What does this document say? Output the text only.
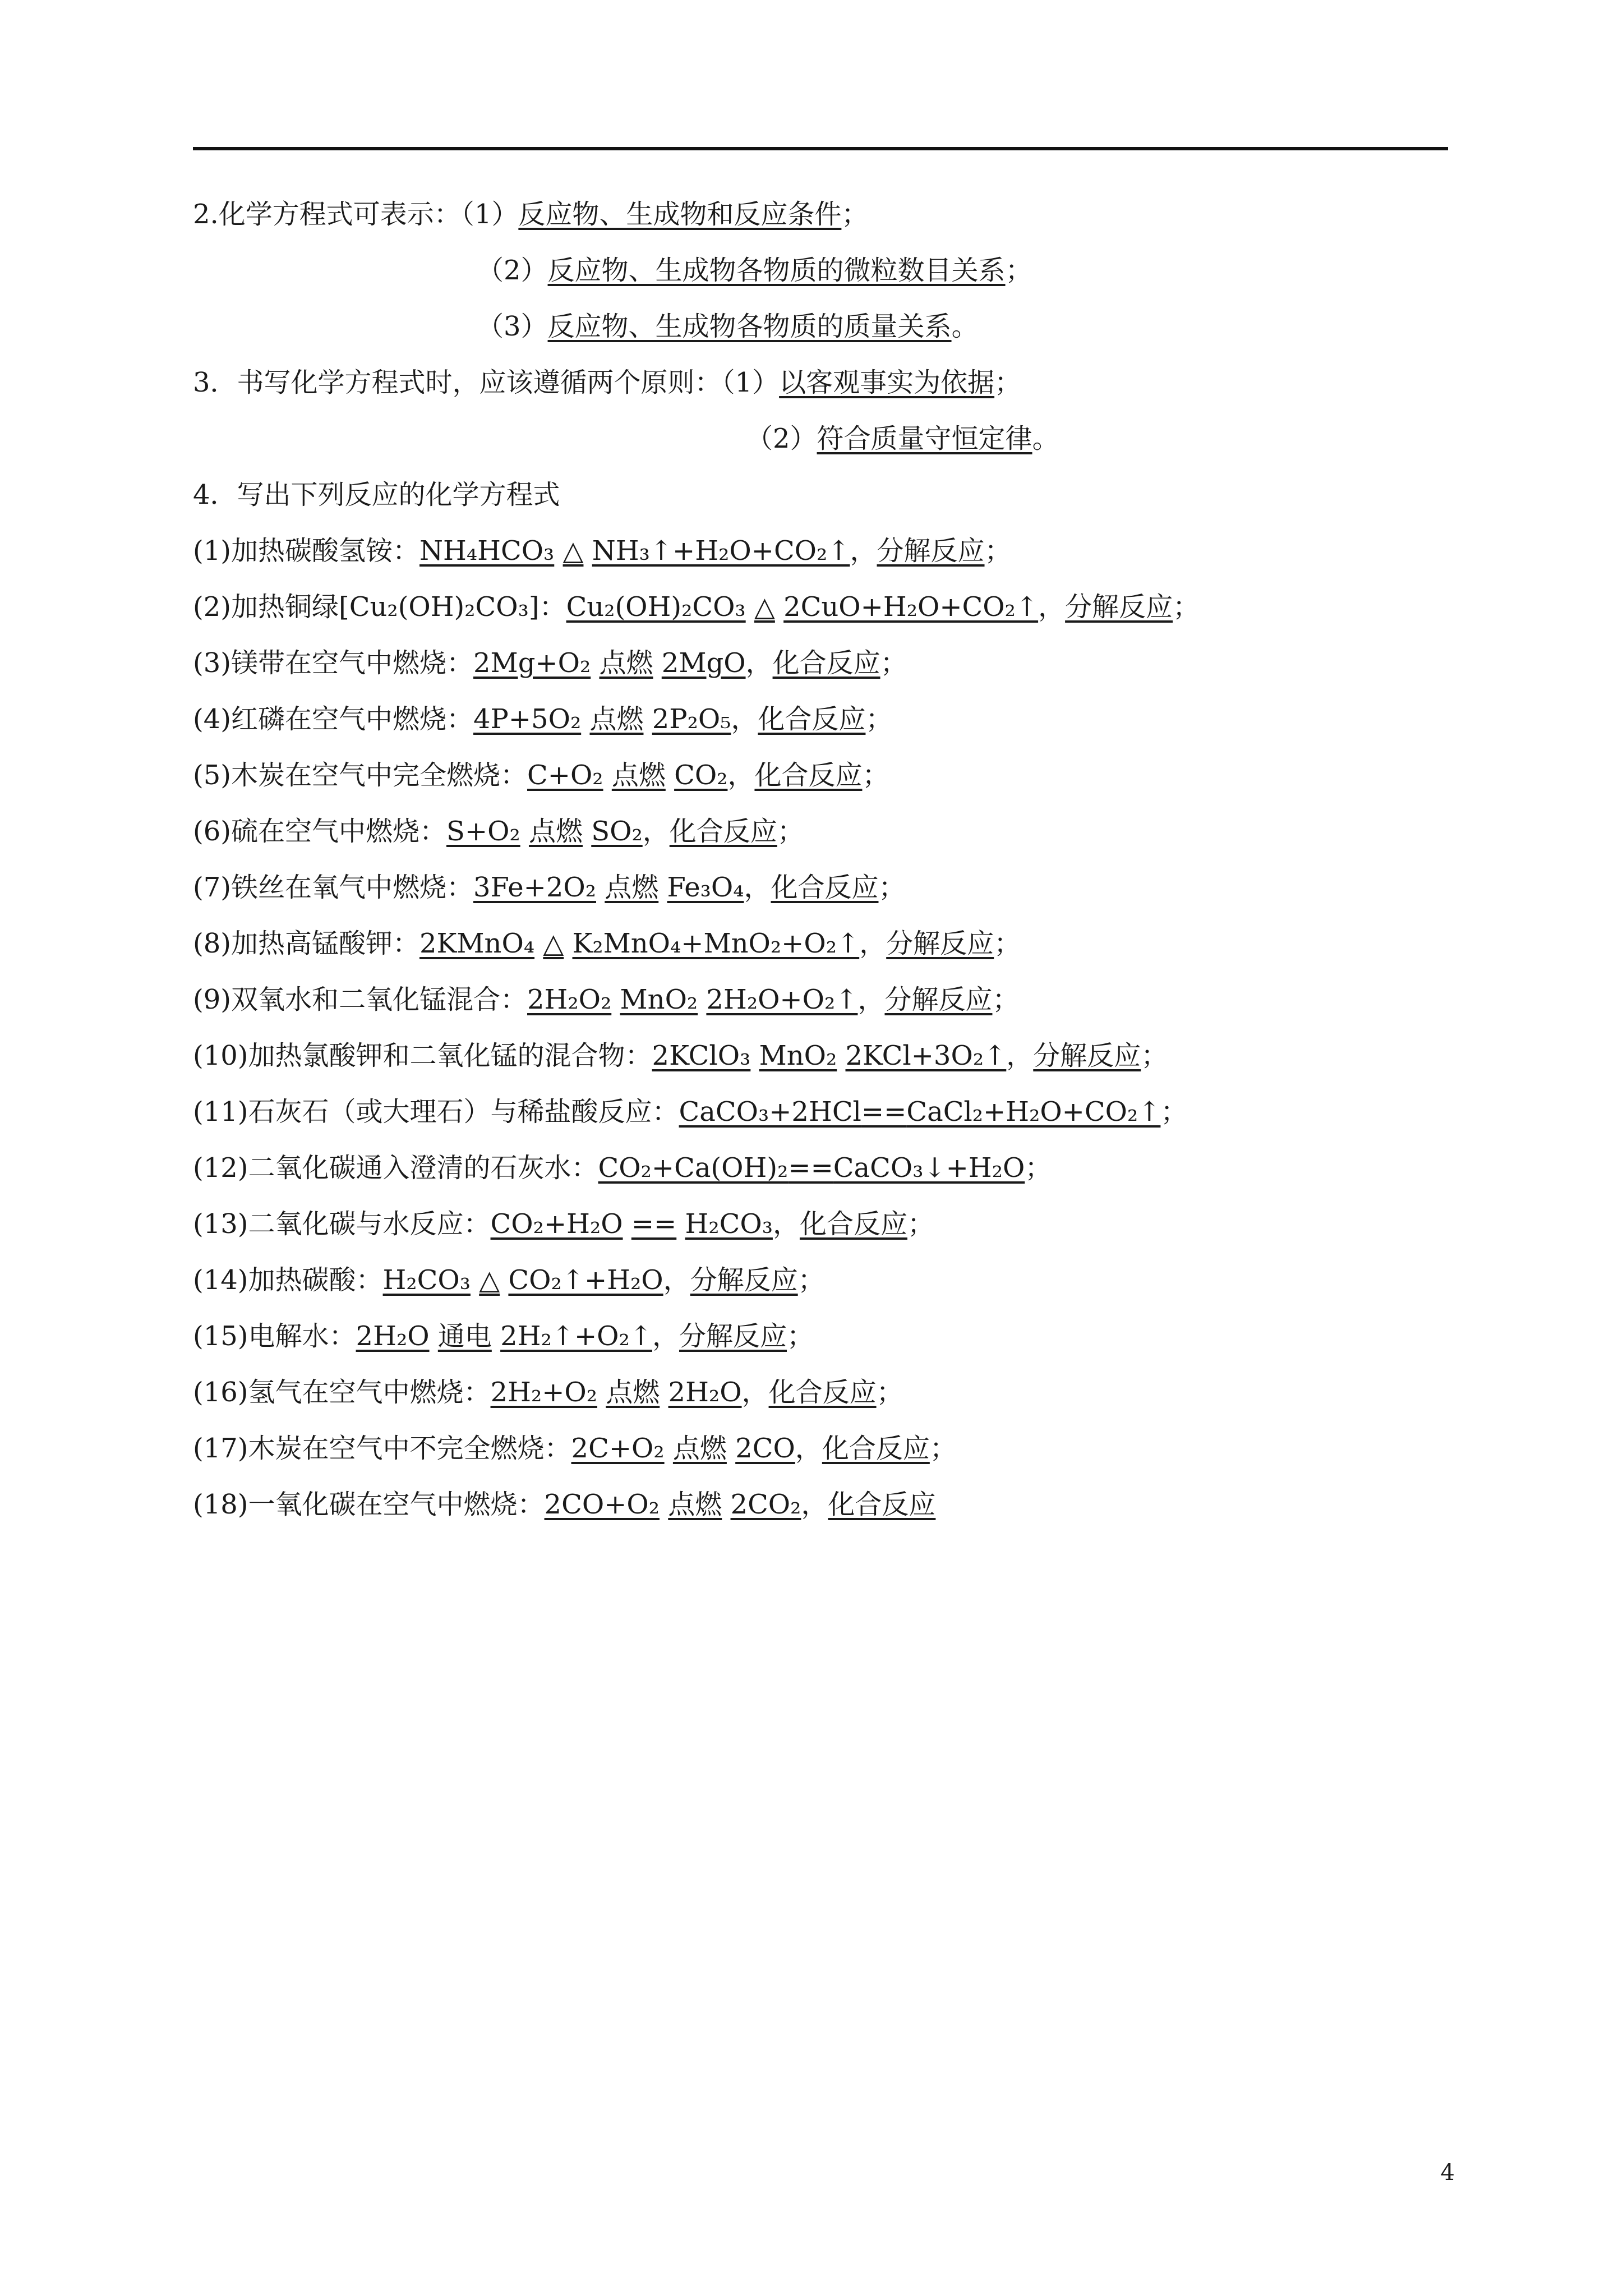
2.化学方程式可表示：（1）反应物、生成物和反应条件；
（2）反应物、生成物各物质的微粒数目关系；
（3）反应物、生成物各物质的质量关系。
3．书写化学方程式时，应该遵循两个原则：（1）以客观事实为依据；
（2）符合质量守恒定律。
4．写出下列反应的化学方程式
(1)加热碳酸氢铵：NH₄HCO₃ △ NH₃↑+H₂O+CO₂↑，分解反应；
(2)加热铜绿[Cu₂(OH)₂CO₃]：Cu₂(OH)₂CO₃ △ 2CuO+H₂O+CO₂↑，分解反应；
(3)镁带在空气中燃烧：2Mg+O₂ 点燃 2MgO，化合反应；
(4)红磷在空气中燃烧：4P+5O₂ 点燃 2P₂O₅，化合反应；
(5)木炭在空气中完全燃烧：C+O₂ 点燃 CO₂，化合反应；
(6)硫在空气中燃烧：S+O₂ 点燃 SO₂，化合反应；
(7)铁丝在氧气中燃烧：3Fe+2O₂ 点燃 Fe₃O₄，化合反应；
(8)加热高锰酸钾：2KMnO₄ △ K₂MnO₄+MnO₂+O₂↑，分解反应；
(9)双氧水和二氧化锰混合：2H₂O₂ MnO₂ 2H₂O+O₂↑，分解反应；
(10)加热氯酸钾和二氧化锰的混合物：2KClO₃ MnO₂ 2KCl+3O₂↑，分解反应；
(11)石灰石（或大理石）与稀盐酸反应：CaCO₃+2HCl==CaCl₂+H₂O+CO₂↑；
(12)二氧化碳通入澄清的石灰水：CO₂+Ca(OH)₂==CaCO₃↓+H₂O；
(13)二氧化碳与水反应：CO₂+H₂O == H₂CO₃，化合反应；
(14)加热碳酸：H₂CO₃ △ CO₂↑+H₂O，分解反应；
(15)电解水：2H₂O 通电 2H₂↑+O₂↑，分解反应；
(16)氢气在空气中燃烧：2H₂+O₂ 点燃 2H₂O，化合反应；
(17)木炭在空气中不完全燃烧：2C+O₂ 点燃 2CO，化合反应；
(18)一氧化碳在空气中燃烧：2CO+O₂ 点燃 2CO₂，化合反应
4
